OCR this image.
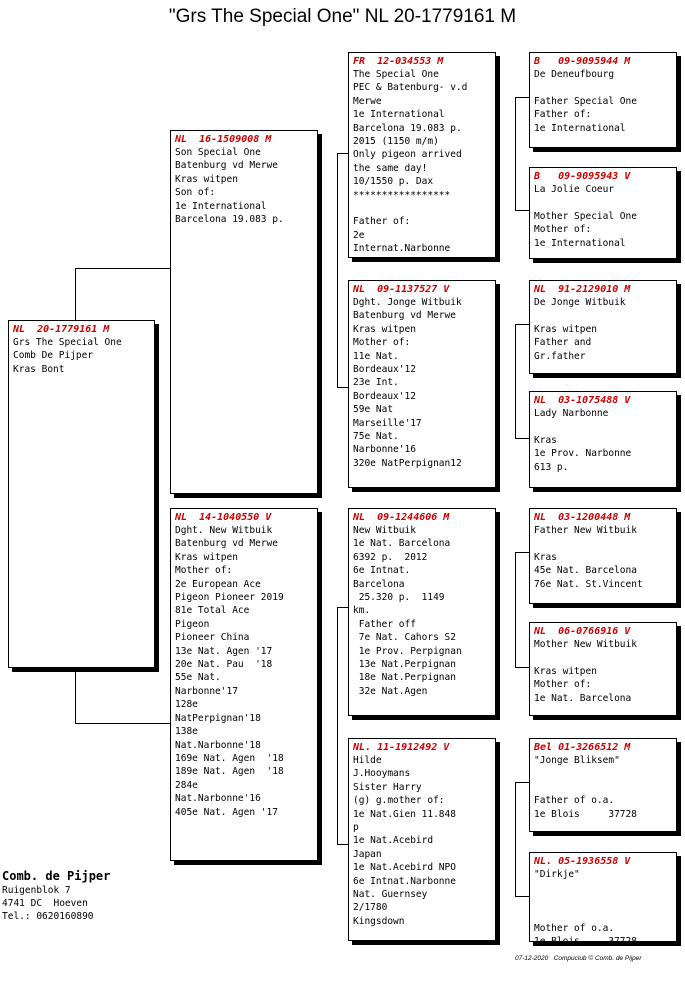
"Grs The Special One" NL 20-1779161 M
NL  20-1779161 M
Grs The Special One
Comb De Pijper
Kras Bont
NL  16-1509008 M
Son Special One
Batenburg vd Merwe
Kras witpen
Son of:
1e International
Barcelona 19.083 p.
NL  14-1040550 V
Dght. New Witbuik
Batenburg vd Merwe
Kras witpen
Mother of:
2e European Ace
Pigeon Pioneer 2019
81e Total Ace
Pigeon
Pioneer China
13e Nat. Agen '17
20e Nat. Pau  '18
55e Nat.
Narbonne'17
128e
NatPerpignan'18
138e
Nat.Narbonne'18
169e Nat. Agen  '18
189e Nat. Agen  '18
284e
Nat.Narbonne'16
405e Nat. Agen '17
FR  12-034553 M
The Special One
PEC & Batenburg- v.d
Merwe
1e International
Barcelona 19.083 p.
2015 (1150 m/m)
Only pigeon arrived
the same day!
10/1550 p. Dax
*****************

Father of:
2e
Internat.Narbonne
NL  09-1137527 V
Dght. Jonge Witbuik
Batenburg vd Merwe
Kras witpen
Mother of:
11e Nat.
Bordeaux'12
23e Int.
Bordeaux'12
59e Nat
Marseille'17
75e Nat.
Narbonne'16
320e NatPerpignan12
NL  09-1244606 M
New Witbuik
1e Nat. Barcelona
6392 p.  2012
6e Intnat.
Barcelona
25.320 p.  1149
km.
Father off
7e Nat. Cahors S2
1e Prov. Perpignan
13e Nat.Perpignan
18e Nat.Perpignan
32e Nat.Agen
NL. 11-1912492 V
Hilde
J.Hooymans
Sister Harry
(g) g.mother of:
1e Nat.Gien 11.848
p
1e Nat.Acebird
Japan
1e Nat.Acebird NPO
6e Intnat.Narbonne
Nat. Guernsey
2/1780
Kingsdown
B   09-9095944 M
De Deneufbourg

Father Special One
Father of:
1e International
B   09-9095943 V
La Jolie Coeur

Mother Special One
Mother of:
1e International
NL  91-2129010 M
De Jonge Witbuik

Kras witpen
Father and
Gr.father
NL  03-1075488 V
Lady Narbonne

Kras
1e Prov. Narbonne
613 p.
NL  03-1200448 M
Father New Witbuik

Kras
45e Nat. Barcelona
76e Nat. St.Vincent
NL  06-0766916 V
Mother New Witbuik

Kras witpen
Mother of:
1e Nat. Barcelona
Bel 01-3266512 M
"Jonge Bliksem"

Father of o.a.
1e Blois     37728
NL. 05-1936558 V
"Dirkje"

Mother of o.a.
1e Blois     37728
Comb. de Pijper
Ruigenblok 7
4741 DC  Hoeven
Tel.: 0620160890
07-12-2020   Compuclub © Comb. de Pijper
